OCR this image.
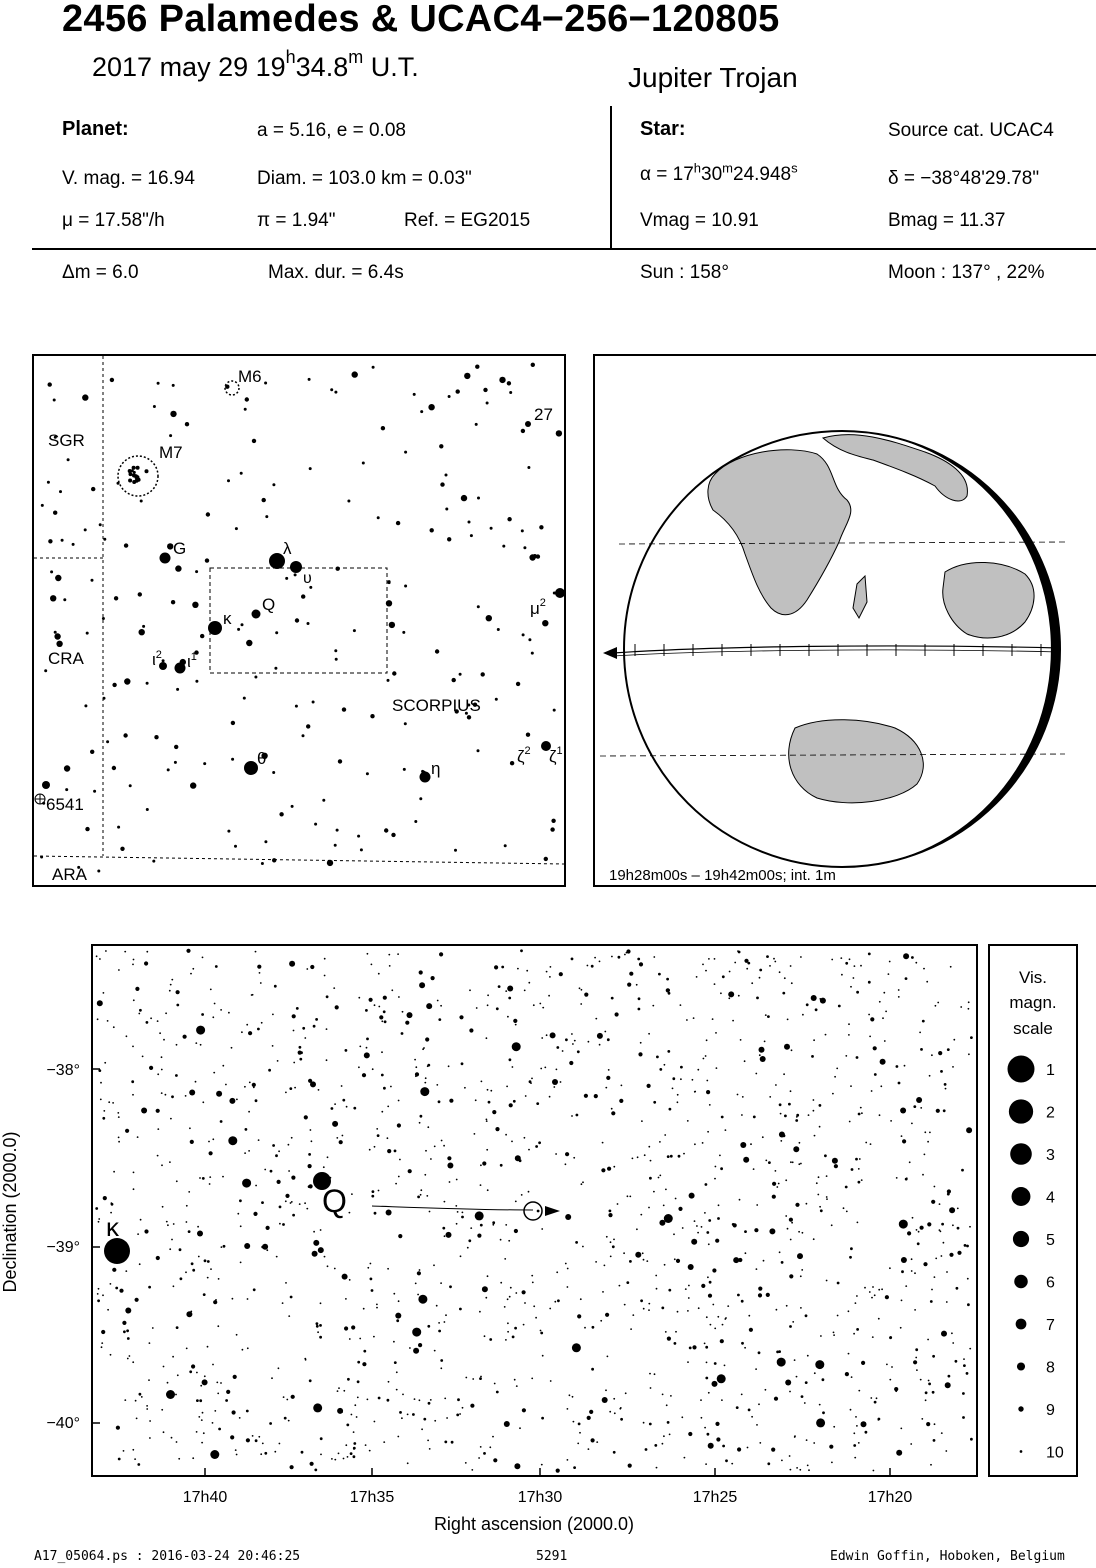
2456 Palamedes & UCAC4−256−120805
2017 may 29 19$^h$34.8$^m$ U.T.	Jupiter Trojan
Planet:	a = 5.16, e = 0.08	Star:	Source cat. UCAC4
V. mag. = 16.94	Diam. = 103.0 km = 0.03"	$\alpha = 17^h30^m24.948^s$	δ = −38°48'29.78"
μ = 17.58"/h	π = 1.94"	Ref. = EG2015	Vmag = 10.91	Bmag = 11.37
Δm = 6.0	Max. dur. = 6.4s	Sun : 158°	Moon : 137° , 22%
SGR
CRA
ARA
SCORPIUS
M6
M7
27
G
Q
λ
υ
κ
$\iota^2$ $\iota^1$
$\mu^2$
θ
η
$\zeta^2$ $\zeta^1$
6541
19h28m00s – 19h42m00s; int. 1m
κ
Q
17h40	17h35	17h30	17h25	17h20
−38°
−39°
−40°
Right ascension (2000.0)
Declination (2000.0)
Vis.
magn.
scale
1
2
3
4
5
6
7
8
9
10
A17_05064.ps : 2016-03-24 20:46:25	5291	Edwin Goffin, Hoboken, Belgium
